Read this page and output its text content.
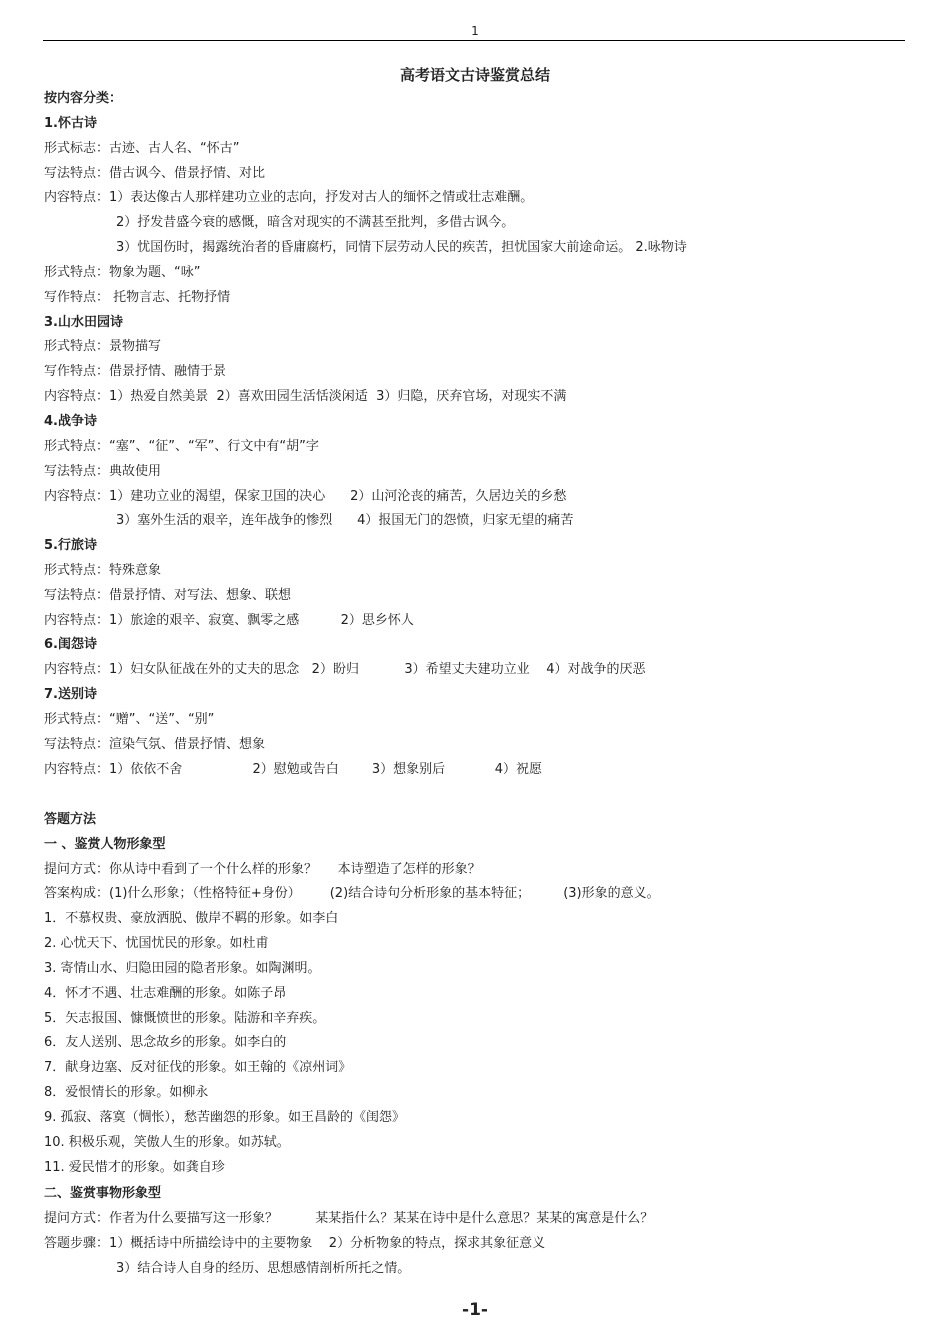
1
高考语文古诗鉴赏总结
按内容分类：
1.怀古诗
形式标志：古迹、古人名、“怀古”
写法特点：借古讽今、借景抒情、对比
内容特点：1）表达像古人那样建功立业的志向，抒发对古人的缅怀之情或壮志难酬。
2）抒发昔盛今衰的感慨，暗含对现实的不满甚至批判，多借古讽今。
3）忧国伤时，揭露统治者的昏庸腐朽，同情下层劳动人民的疾苦，担忧国家大前途命运。 2.咏物诗
形式特点：物象为题、“咏”
写作特点： 托物言志、托物抒情
3.山水田园诗
形式特点：景物描写
写作特点：借景抒情、融情于景
内容特点：1）热爱自然美景  2）喜欢田园生活恬淡闲适  3）归隐，厌弃官场，对现实不满
4.战争诗
形式特点：“塞”、“征”、“军”、行文中有“胡”字
写法特点：典故使用
内容特点：1）建功立业的渴望，保家卫国的决心      2）山河沦丧的痛苦，久居边关的乡愁
3）塞外生活的艰辛，连年战争的惨烈      4）报国无门的怨愤，归家无望的痛苦
5.行旅诗
形式特点：特殊意象
写法特点：借景抒情、对写法、想象、联想
内容特点：1）旅途的艰辛、寂寞、飘零之感          2）思乡怀人
6.闺怨诗
内容特点：1）妇女队征战在外的丈夫的思念   2）盼归           3）希望丈夫建功立业    4）对战争的厌恶
7.送别诗
形式特点：“赠”、“送”、“别”
写法特点：渲染气氛、借景抒情、想象
内容特点：1）依依不舍                 2）慰勉或告白        3）想象别后            4）祝愿
答题方法
一 、鉴赏人物形象型
提问方式：你从诗中看到了一个什么样的形象？     本诗塑造了怎样的形象？
答案构成：(1)什么形象；（性格特征+身份）       (2)结合诗句分析形象的基本特征；        (3)形象的意义。
1．不慕权贵、豪放洒脱、傲岸不羁的形象。如李白
2. 心忧天下、忧国忧民的形象。如杜甫
3. 寄情山水、归隐田园的隐者形象。如陶渊明。
4．怀才不遇、壮志难酬的形象。如陈子昂
5．矢志报国、慷慨愤世的形象。陆游和辛弃疾。
6．友人送别、思念故乡的形象。如李白的
7．献身边塞、反对征伐的形象。如王翰的《凉州词》
8．爱恨情长的形象。如柳永
9. 孤寂、落寞（惆怅），愁苦幽怨的形象。如王昌龄的《闺怨》
10. 积极乐观，笑傲人生的形象。如苏轼。
11. 爱民惜才的形象。如龚自珍
二、鉴赏事物形象型
提问方式：作者为什么要描写这一形象？         某某指什么？某某在诗中是什么意思？某某的寓意是什么？
答题步骤：1）概括诗中所描绘诗中的主要物象    2）分析物象的特点，探求其象征意义
3）结合诗人自身的经历、思想感情剖析所托之情。
-1-
